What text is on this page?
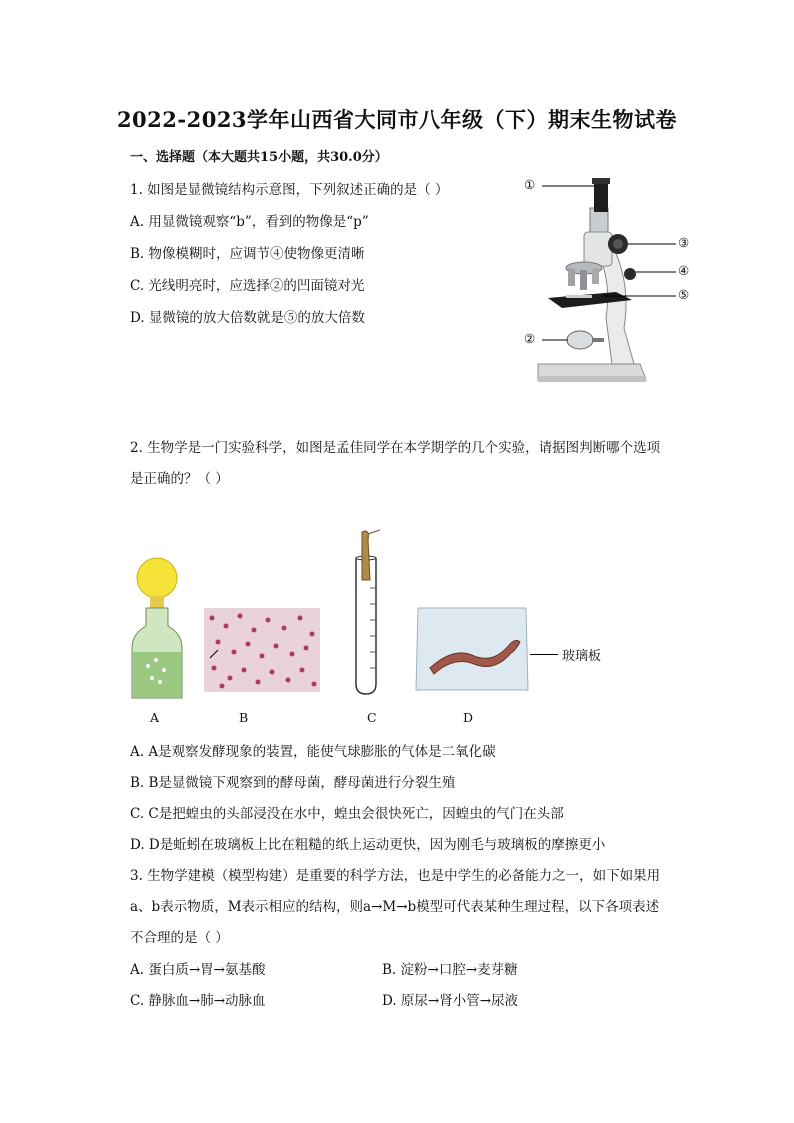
2022-2023学年山西省大同市八年级（下）期末生物试卷
一、选择题（本大题共15小题，共30.0分）
1. 如图是显微镜结构示意图，下列叙述正确的是（ ）
A. 用显微镜观察“b”，看到的物像是“p”
B. 物像模糊时，应调节④使物像更清晰
C. 光线明亮时，应选择②的凹面镜对光
D. 显微镜的放大倍数就是⑤的放大倍数
①
②
③
④
⑤
2. 生物学是一门实验科学，如图是孟佳同学在本学期学的几个实验，请据图判断哪个选项
是正确的？（ ）
玻璃板
A	B	C	D
A. A是观察发酵现象的装置，能使气球膨胀的气体是二氧化碳
B. B是显微镜下观察到的酵母菌，酵母菌进行分裂生殖
C. C是把蝗虫的头部浸没在水中，蝗虫会很快死亡，因蝗虫的气门在头部
D. D是蚯蚓在玻璃板上比在粗糙的纸上运动更快，因为刚毛与玻璃板的摩擦更小
3. 生物学建模（模型构建）是重要的科学方法，也是中学生的必备能力之一，如下如果用
a、b表示物质，M表示相应的结构，则a→M→b模型可代表某种生理过程，以下各项表述
不合理的是（ ）
A. 蛋白质→胃→氨基酸	B. 淀粉→口腔→麦芽糖
C. 静脉血→肺→动脉血	D. 原尿→肾小管→尿液
